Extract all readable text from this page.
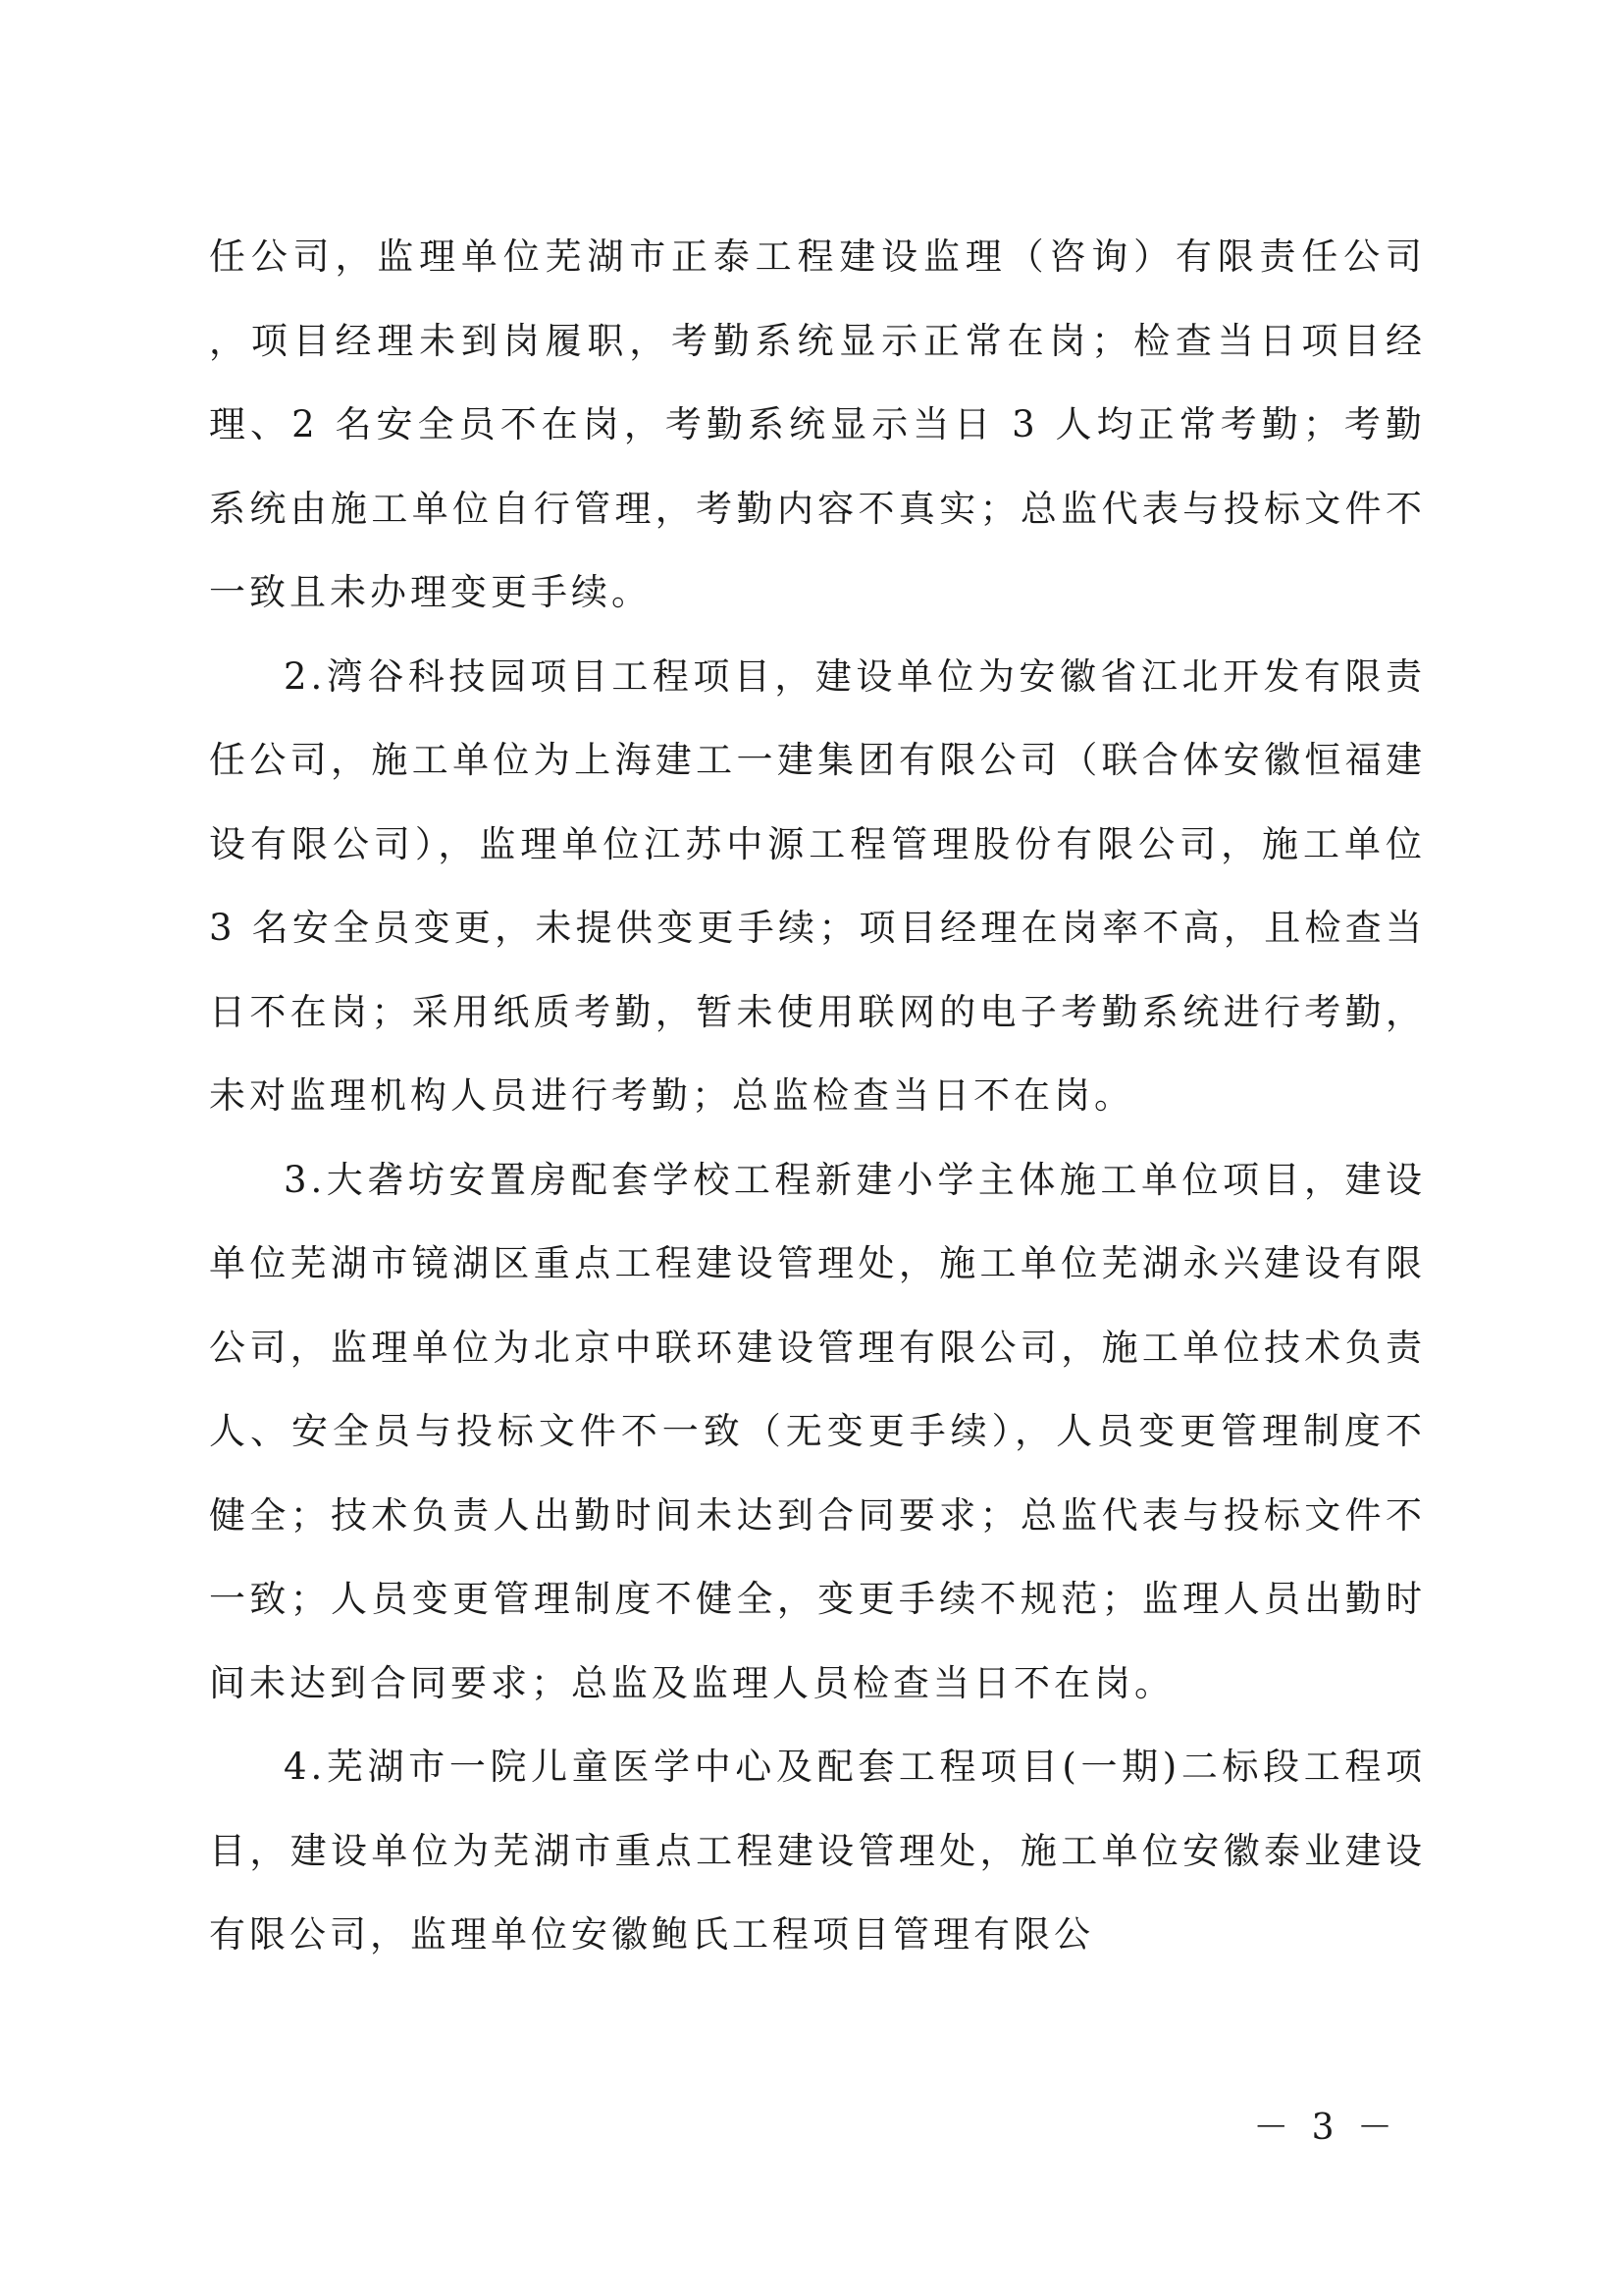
任公司，监理单位芜湖市正泰工程建设监理（咨询）有限责任公司 ，项目经理未到岗履职，考勤系统显示正常在岗；检查当日项目经理、2 名安全员不在岗，考勤系统显示当日 3 人均正常考勤；考勤系统由施工单位自行管理，考勤内容不真实；总监代表与投标文件不一致且未办理变更手续。

2.湾谷科技园项目工程项目，建设单位为安徽省江北开发有限责任公司，施工单位为上海建工一建集团有限公司（联合体安徽恒福建设有限公司），监理单位江苏中源工程管理股份有限公司，施工单位 3 名安全员变更，未提供变更手续；项目经理在岗率不高，且检查当日不在岗；采用纸质考勤，暂未使用联网的电子考勤系统进行考勤，未对监理机构人员进行考勤；总监检查当日不在岗。

3.大砻坊安置房配套学校工程新建小学主体施工单位项目，建设单位芜湖市镜湖区重点工程建设管理处，施工单位芜湖永兴建设有限公司，监理单位为北京中联环建设管理有限公司，施工单位技术负责人、安全员与投标文件不一致（无变更手续），人员变更管理制度不健全；技术负责人出勤时间未达到合同要求；总监代表与投标文件不一致；人员变更管理制度不健全，变更手续不规范；监理人员出勤时间未达到合同要求；总监及监理人员检查当日不在岗。

4.芜湖市一院儿童医学中心及配套工程项目(一期)二标段工程项目，建设单位为芜湖市重点工程建设管理处，施工单位安徽泰业建设有限公司，监理单位安徽鲍氏工程项目管理有限公

－ 3 －
